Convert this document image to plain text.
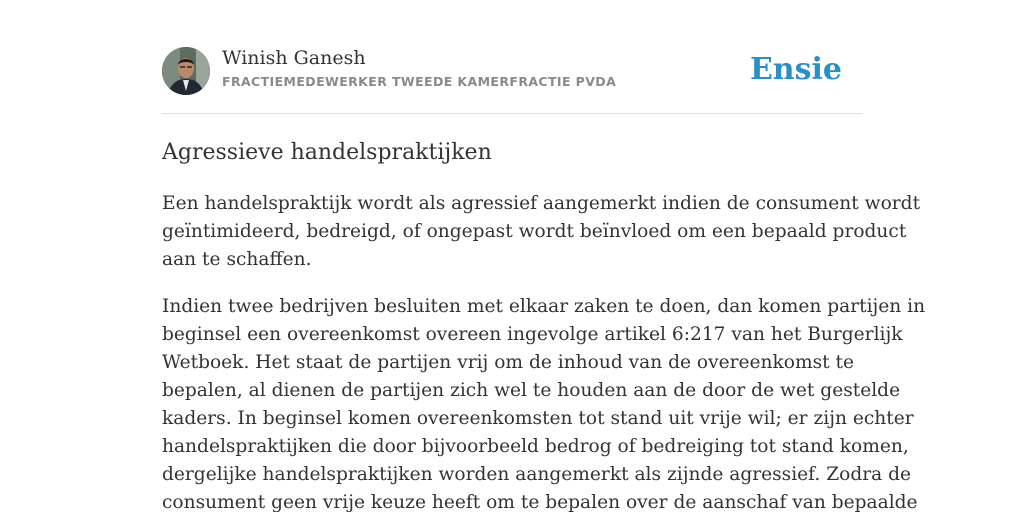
Winish Ganesh
FRACTIEMEDEWERKER TWEEDE KAMERFRACTIE PVDA	Ensie
Agressieve handelspraktijken

Een handelspraktijk wordt als agressief aangemerkt indien de consument wordt
geïntimideerd, bedreigd, of ongepast wordt beïnvloed om een bepaald product
aan te schaffen.

Indien twee bedrijven besluiten met elkaar zaken te doen, dan komen partijen in
beginsel een overeenkomst overeen ingevolge artikel 6:217 van het Burgerlijk
Wetboek. Het staat de partijen vrij om de inhoud van de overeenkomst te
bepalen, al dienen de partijen zich wel te houden aan de door de wet gestelde
kaders. In beginsel komen overeenkomsten tot stand uit vrije wil; er zijn echter
handelspraktijken die door bijvoorbeeld bedrog of bedreiging tot stand komen,
dergelijke handelspraktijken worden aangemerkt als zijnde agressief. Zodra de
consument geen vrije keuze heeft om te bepalen over de aanschaf van bepaalde
